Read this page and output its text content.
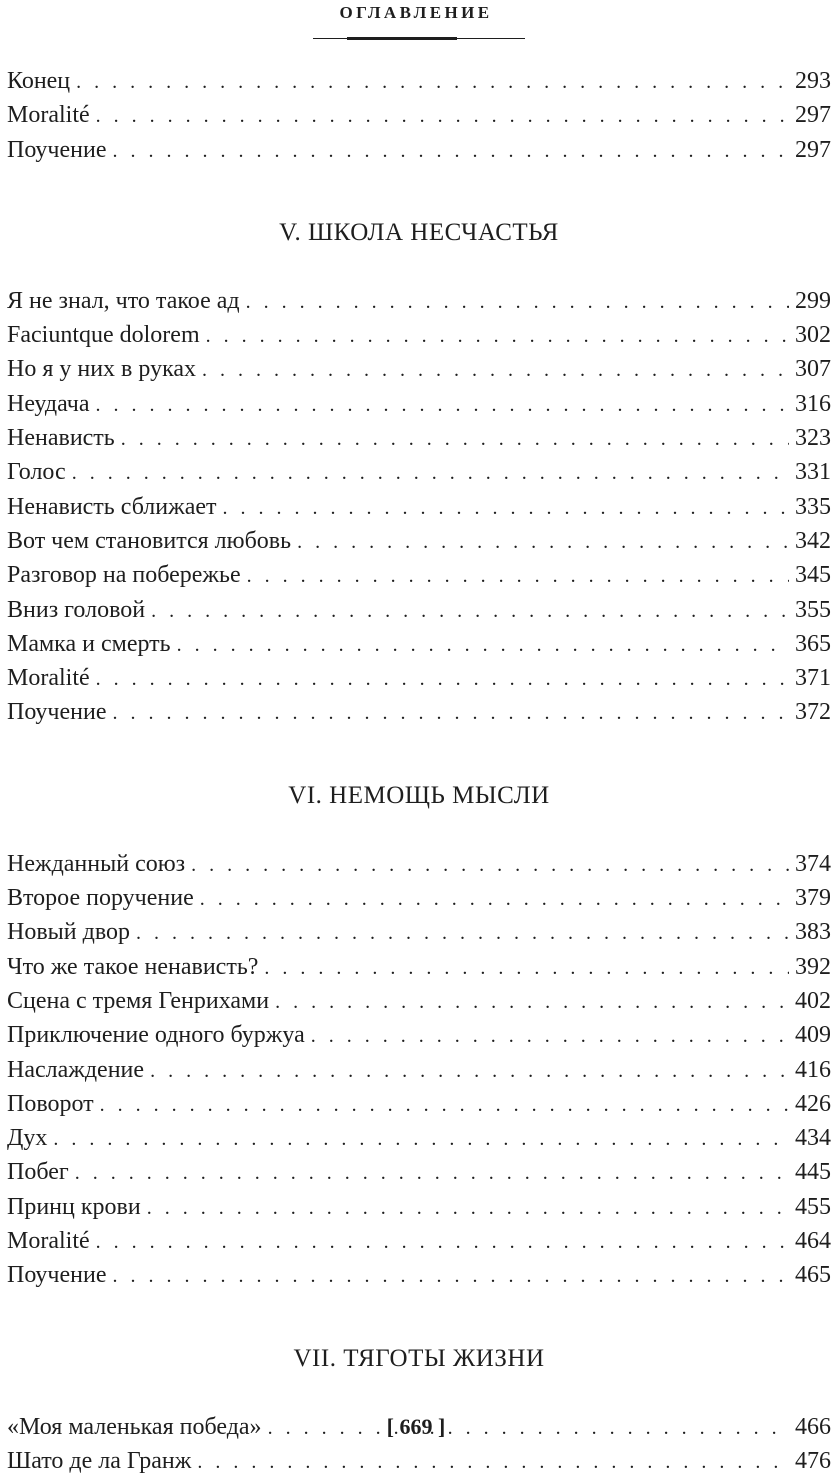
ОГЛАВЛЕНИЕ
Конец . . .	293
Moralité . . .	297
Поучение . . .	297
V. ШКОЛА НЕСЧАСТЬЯ
Я не знал, что такое ад . . .	299
Faciuntque dolorem . . .	302
Но я у них в руках . . .	307
Неудача . . .	316
Ненависть . . .	323
Голос . . .	331
Ненависть сближает . . .	335
Вот чем становится любовь . . .	342
Разговор на побережье . . .	345
Вниз головой . . .	355
Мамка и смерть . . .	365
Moralité . . .	371
Поучение . . .	372
VI. НЕМОЩЬ МЫСЛИ
Нежданный союз . . .	374
Второе поручение . . .	379
Новый двор . . .	383
Что же такое ненависть? . . .	392
Сцена с тремя Генрихами . . .	402
Приключение одного буржуа . . .	409
Наслаждение . . .	416
Поворот . . .	426
Дух . . .	434
Побег . . .	445
Принц крови . . .	455
Moralité . . .	464
Поучение . . .	465
VII. ТЯГОТЫ ЖИЗНИ
«Моя маленькая победа» . . .	466
Шато де ла Гранж . . .	476
[ 669 ]
